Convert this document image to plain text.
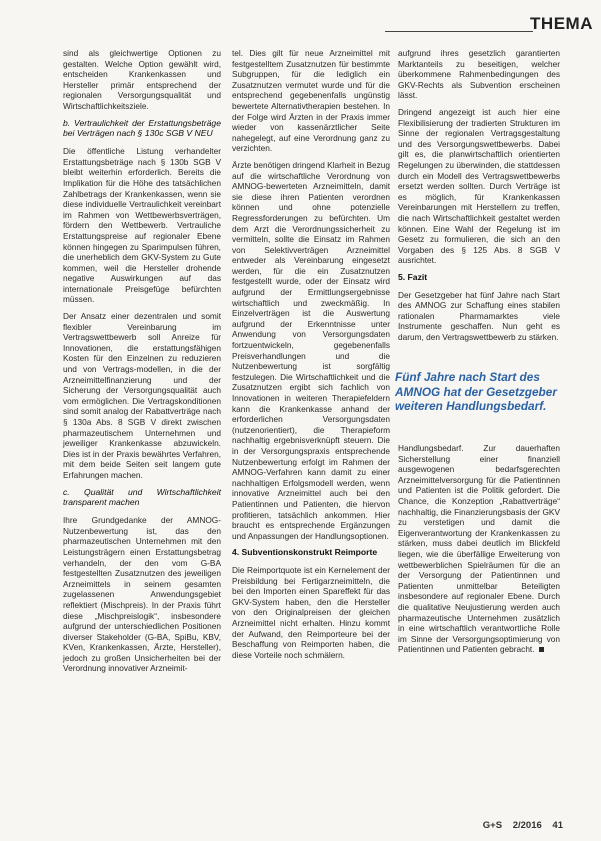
THEMA

sind als gleichwertige Optionen zu gestalten. Welche Option gewählt wird, entscheiden Krankenkassen und Hersteller primär entsprechend der regionalen Versorgungsqualität und Wirtschaftlichkeitsziele.

b. Vertraulichkeit der Erstattungsbeträge bei Verträgen nach § 130c SGB V NEU

Die öffentliche Listung verhandelter Erstattungsbeträge nach § 130b SGB V bleibt weiterhin erforderlich. Bereits die Implikation für die Höhe des tatsächlichen Zahlbetrags der Krankenkassen, wenn sie diese individuelle Vertraulichkeit vereinbart im Rahmen von Wettbewerbsverträgen, fördern den Wettbewerb. Vertrauliche Erstattungspreise auf regionaler Ebene können hingegen zu Sparimpulsen führen, die unerheblich dem GKV-System zu Gute kommen, weil die Hersteller drohende negative Auswirkungen auf das internationale Preisgefüge befürchten müssen.

Der Ansatz einer dezentralen und somit flexibler Vereinbarung im Vertragswettbewerb soll Anreize für Innovationen, die erstattungsfähigen Kosten für den Einzelnen zu reduzieren und von Vertrags-modellen, in die der Arzneimittelfinanzierung und der Sicherung der Versorgungsqualität auch vom ermöglichen. Die Vertragskonditionen sind somit analog der Rabattverträge nach § 130a Abs. 8 SGB V direkt zwischen pharmazeutischem Unternehmen und jeweiliger Krankenkasse abzuwickeln. Dies ist in der Praxis bewährtes Verfahren, mit dem beide Seiten seit langem gute Erfahrungen machen.

c. Qualität und Wirtschaftlichkeit transparent machen

Ihre Grundgedanke der AMNOG-Nutzenbewertung ist, das den pharmazeutischen Unternehmen mit den Leistungsträgern einen Erstattungsbetrag verhandeln, der den vom G-BA festgestellten Zusatznutzen des jeweiligen Arzneimittels in seinem gesamten zugelassenen Anwendungsgebiet reflektiert (Mischpreis). In der Praxis führt diese „Mischpreislogik“, insbesondere aufgrund der unterschiedlichen Positionen diverser Stakeholder (G-BA, SpiBu, KBV, KVen, Krankenkassen, Ärzte, Hersteller), jedoch zu großen Unsicherheiten bei der Verordnung innovativer Arzneimit-

tel. Dies gilt für neue Arzneimittel mit festgestelltem Zusatznutzen für bestimmte Subgruppen, für die lediglich ein Zusatznutzen vermutet wurde und für die entsprechend gegebenenfalls ungünstig bewertete Alternativtherapien bestehen. In der Folge wird Ärzten in der Praxis immer wieder von kassenärztlicher Seite nahegelegt, auf eine Verordnung ganz zu verzichten.

Ärzte benötigen dringend Klarheit in Bezug auf die wirtschaftliche Verordnung von AMNOG-bewerteten Arzneimitteln, damit sie diese ihren Patienten verordnen können und ohne potenzielle Regressforderungen zu befürchten. Um dem Arzt die Verordnungssicherheit zu vermitteln, sollte die Einsatz im Rahmen von Selektivverträgen Arzneimittel entweder als Vereinbarung eingesetzt werden, für die ein Zusatznutzen festgestellt wurde, oder der Einsatz wird aufgrund der Ermittlungsergebnisse wirtschaftlich und zweckmäßig. In Einzelverträgen ist die Auswertung aufgrund der Erkenntnisse unter Anwendung von Versorgungsdaten fortzuentwickeln, gegebenenfalls Preisverhandlungen und die Nutzenbewertung ist sorgfältig festzulegen. Die Wirtschaftlichkeit und die Zusatznutzen ergibt sich fachlich von Innovationen in weiteren Therapiefeldern kann die Krankenkasse anhand der erforderlichen Versorgungsdaten (nutzenorientiert), die Therapieform nachhaltig ergebnisverknüpft steuern. Die in der Versorgungspraxis entsprechende Nutzenbewertung erfolgt im Rahmen der AMNOG-Verfahren kann damit zu einer nachhaltigen Erfolgsmodell werden, wenn innovative Arzneimittel auch bei den Patientinnen und Patienten, die hiervon profitieren, tatsächlich ankommen. Hier braucht es entsprechende Ergänzungen und Anpassungen der Handlungsoptionen.

4. Subventionskonstrukt Reimporte

Die Reimportquote ist ein Kernelement der Preisbildung bei Fertigarzneimitteln, die bei den Importen einen Spareffekt für das GKV-System haben, den die Hersteller von den Originalpreisen der gleichen Arzneimittel nicht erhalten. Hinzu kommt der Aufwand, den Reimporteure bei der Beschaffung von Reimporten haben, die diese Vorteile noch schmälern.

aufgrund ihres gesetzlich garantierten Marktanteils zu beseitigen, welcher überkommene Rahmenbedingungen des GKV-Rechts als Subvention erscheinen lässt.

Dringend angezeigt ist auch hier eine Flexibilisierung der tradierten Strukturen im Sinne der regionalen Vertragsgestaltung und des Versorgungswettbewerbs. Dabei gilt es, die planwirtschaftlich orientierten Regelungen zu überwinden, die stattdessen durch ein Modell des Vertragswettbewerbs ersetzt werden sollten. Durch Verträge ist es möglich, für Krankenkassen Vereinbarungen mit Herstellern zu treffen, die nach Wirtschaftlichkeit gestaltet werden können. Eine Wahl der Regelung ist im Gesetz zu formulieren, die sich an den Vorgaben des § 125 Abs. 8 SGB V ausrichtet.

5. Fazit

Der Gesetzgeber hat fünf Jahre nach Start des AMNOG zur Schaffung eines stabilen rationalen Pharmamarktes viele Instrumente geschaffen. Nun geht es darum, den Vertragswettbewerb zu stärken.

Fünf Jahre nach Start des AMNOG hat der Gesetzgeber weiteren Handlungsbedarf.

Handlungsbedarf. Zur dauerhaften Sicherstellung einer finanziell ausgewogenen bedarfsgerechten Arzneimittelversorgung für die Patientinnen und Patienten ist die Politik gefordert. Die Chance, die Konzeption „Rabattverträge“ nachhaltig, die Finanzierungsbasis der GKV zu verstetigen und damit die Eigenverantwortung der Krankenkassen zu stärken, muss dabei deutlich im Blickfeld liegen, wie die überfällige Erweiterung von wettbewerblichen Spielräumen für die an der Versorgung der Patientinnen und Patienten unmittelbar Beteiligten insbesondere auf regionaler Ebene. Durch die qualitative Neujustierung werden auch pharmazeutische Unternehmen zusätzlich in eine wirtschaftlich verantwortliche Rolle im Sinne der Versorgungsoptimierung von Patientinnen und Patienten gebracht.

G+S 2/2016 41
